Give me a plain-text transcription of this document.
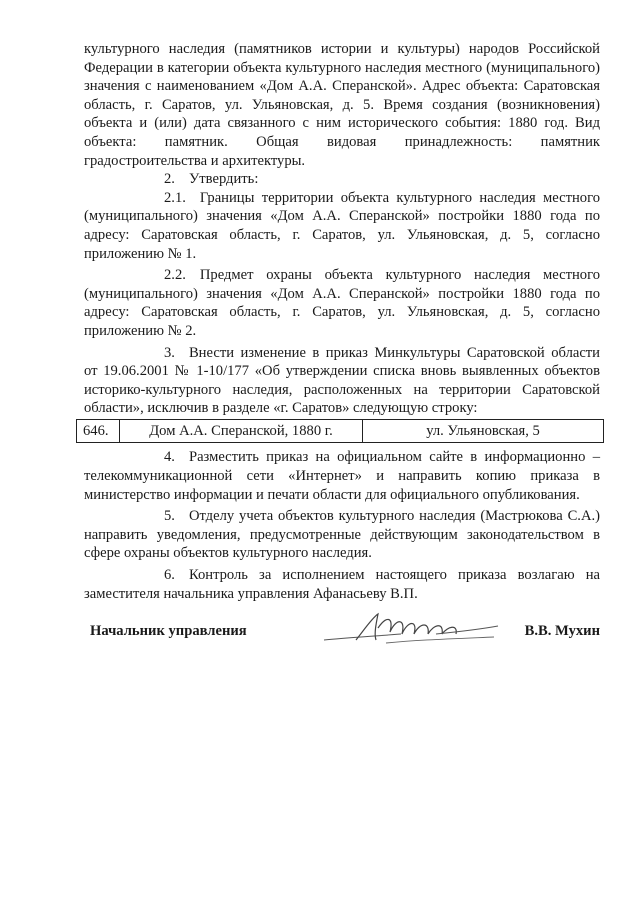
культурного наследия (памятников истории и культуры) народов Российской Федерации в категории объекта культурного наследия местного (муниципального) значения с наименованием «Дом А.А. Сперанской». Адрес объекта: Саратовская область, г. Саратов, ул. Ульяновская, д. 5. Время создания (возникновения) объекта и (или) дата связанного с ним исторического события: 1880 год. Вид объекта: памятник. Общая видовая принадлежность: памятник градостроительства и архитектуры.

2. Утвердить:

2.1. Границы территории объекта культурного наследия местного (муниципального) значения «Дом А.А. Сперанской» постройки 1880 года по адресу: Саратовская область, г. Саратов, ул. Ульяновская, д. 5, согласно приложению № 1.

2.2. Предмет охраны объекта культурного наследия местного (муниципального) значения «Дом А.А. Сперанской» постройки 1880 года по адресу: Саратовская область, г. Саратов, ул. Ульяновская, д. 5, согласно приложению № 2.

3. Внести изменение в приказ Минкультуры Саратовской области от 19.06.2001 № 1-10/177 «Об утверждении списка вновь выявленных объектов историко-культурного наследия, расположенных на территории Саратовской области», исключив в разделе «г. Саратов» следующую строку:

646.	Дом А.А. Сперанской, 1880 г.	ул. Ульяновская, 5

4. Разместить приказ на официальном сайте в информационно – телекоммуникационной сети «Интернет» и направить копию приказа в министерство информации и печати области для официального опубликования.

5. Отделу учета объектов культурного наследия (Мастрюкова С.А.) направить уведомления, предусмотренные действующим законодательством в сфере охраны объектов культурного наследия.

6. Контроль за исполнением настоящего приказа возлагаю на заместителя начальника управления Афанасьеву В.П.

Начальник управления	В.В. Мухин
